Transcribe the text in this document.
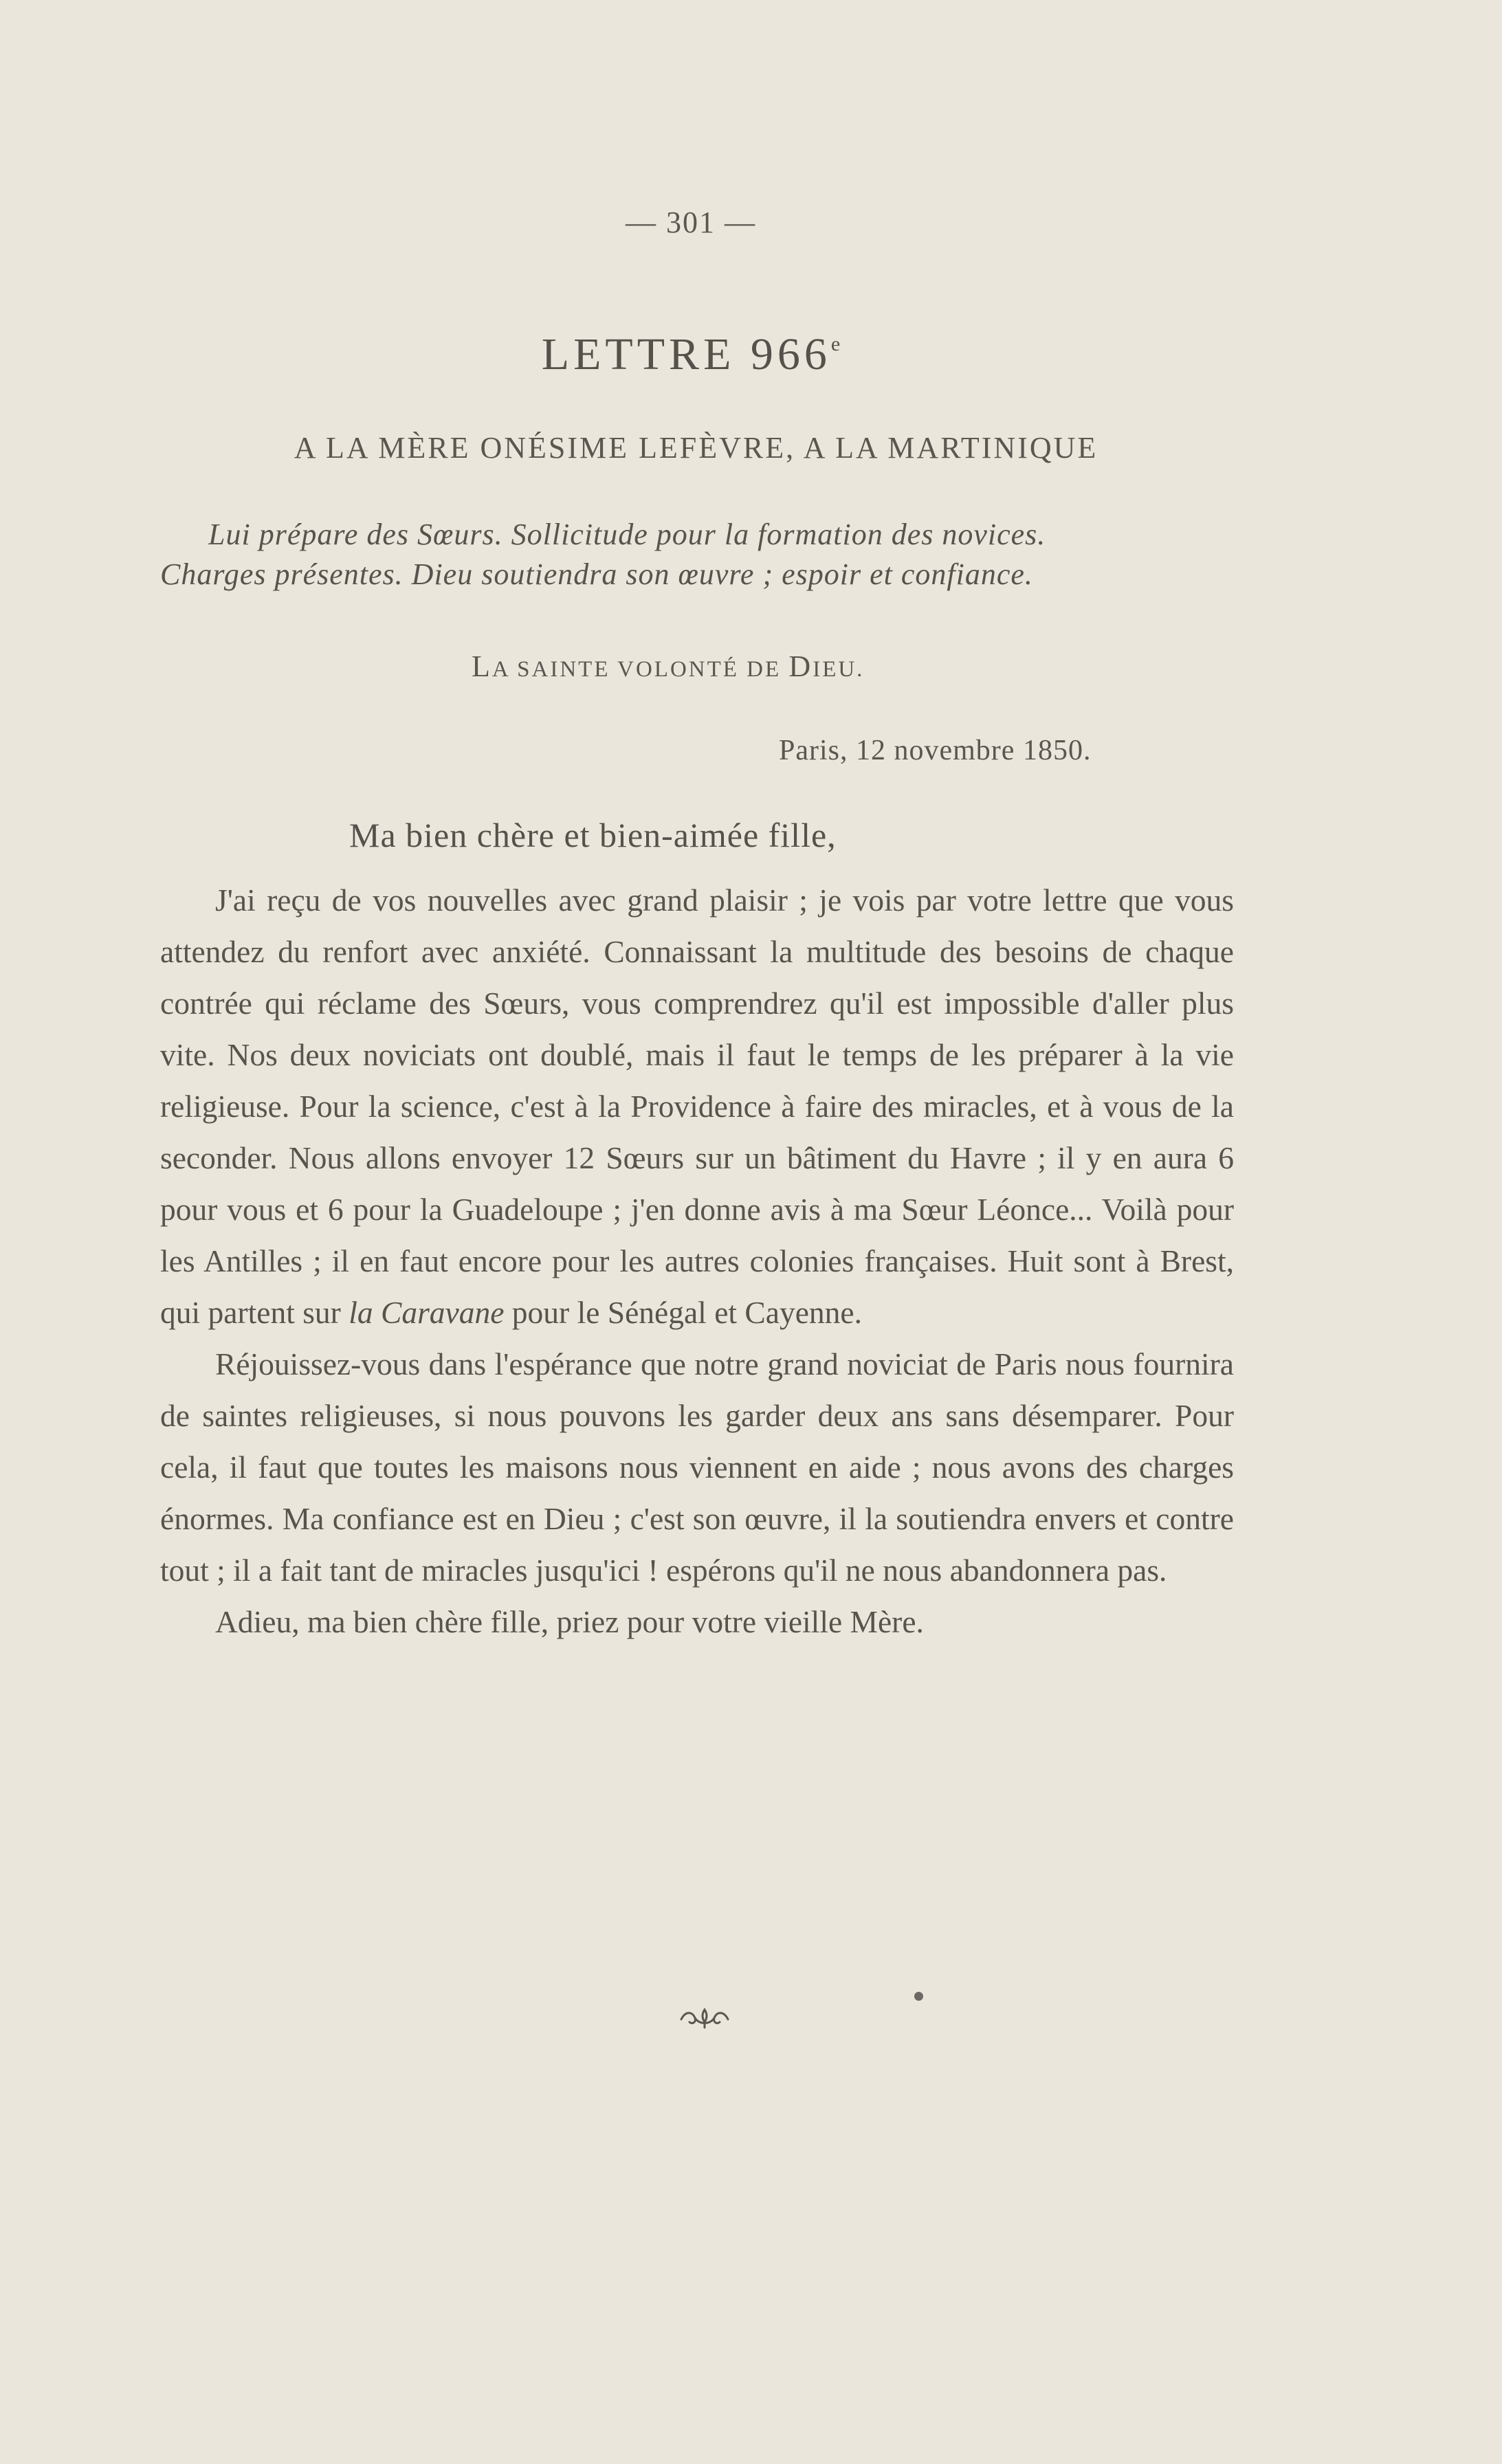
— 301 —
LETTRE 966e
A LA MÈRE ONÉSIME LEFÈVRE, A LA MARTINIQUE
Lui prépare des Sœurs. Sollicitude pour la formation des novices.
Charges présentes. Dieu soutiendra son œuvre ; espoir et confiance.
LA SAINTE VOLONTÉ DE DIEU.
Paris, 12 novembre 1850.
Ma bien chère et bien-aimée fille,

J'ai reçu de vos nouvelles avec grand plaisir ; je vois par votre lettre que vous attendez du renfort avec anxiété. Connaissant la multitude des besoins de chaque contrée qui réclame des Sœurs, vous comprendrez qu'il est impossible d'aller plus vite. Nos deux noviciats ont doublé, mais il faut le temps de les préparer à la vie religieuse. Pour la science, c'est à la Providence à faire des miracles, et à vous de la seconder. Nous allons envoyer 12 Sœurs sur un bâtiment du Havre ; il y en aura 6 pour vous et 6 pour la Guadeloupe ; j'en donne avis à ma Sœur Léonce... Voilà pour les Antilles ; il en faut encore pour les autres colonies françaises. Huit sont à Brest, qui partent sur la Caravane pour le Sénégal et Cayenne.

Réjouissez-vous dans l'espérance que notre grand noviciat de Paris nous fournira de saintes religieuses, si nous pouvons les garder deux ans sans désemparer. Pour cela, il faut que toutes les maisons nous viennent en aide ; nous avons des charges énormes. Ma confiance est en Dieu ; c'est son œuvre, il la soutiendra envers et contre tout ; il a fait tant de miracles jusqu'ici ! espérons qu'il ne nous abandonnera pas.

Adieu, ma bien chère fille, priez pour votre vieille Mère.
